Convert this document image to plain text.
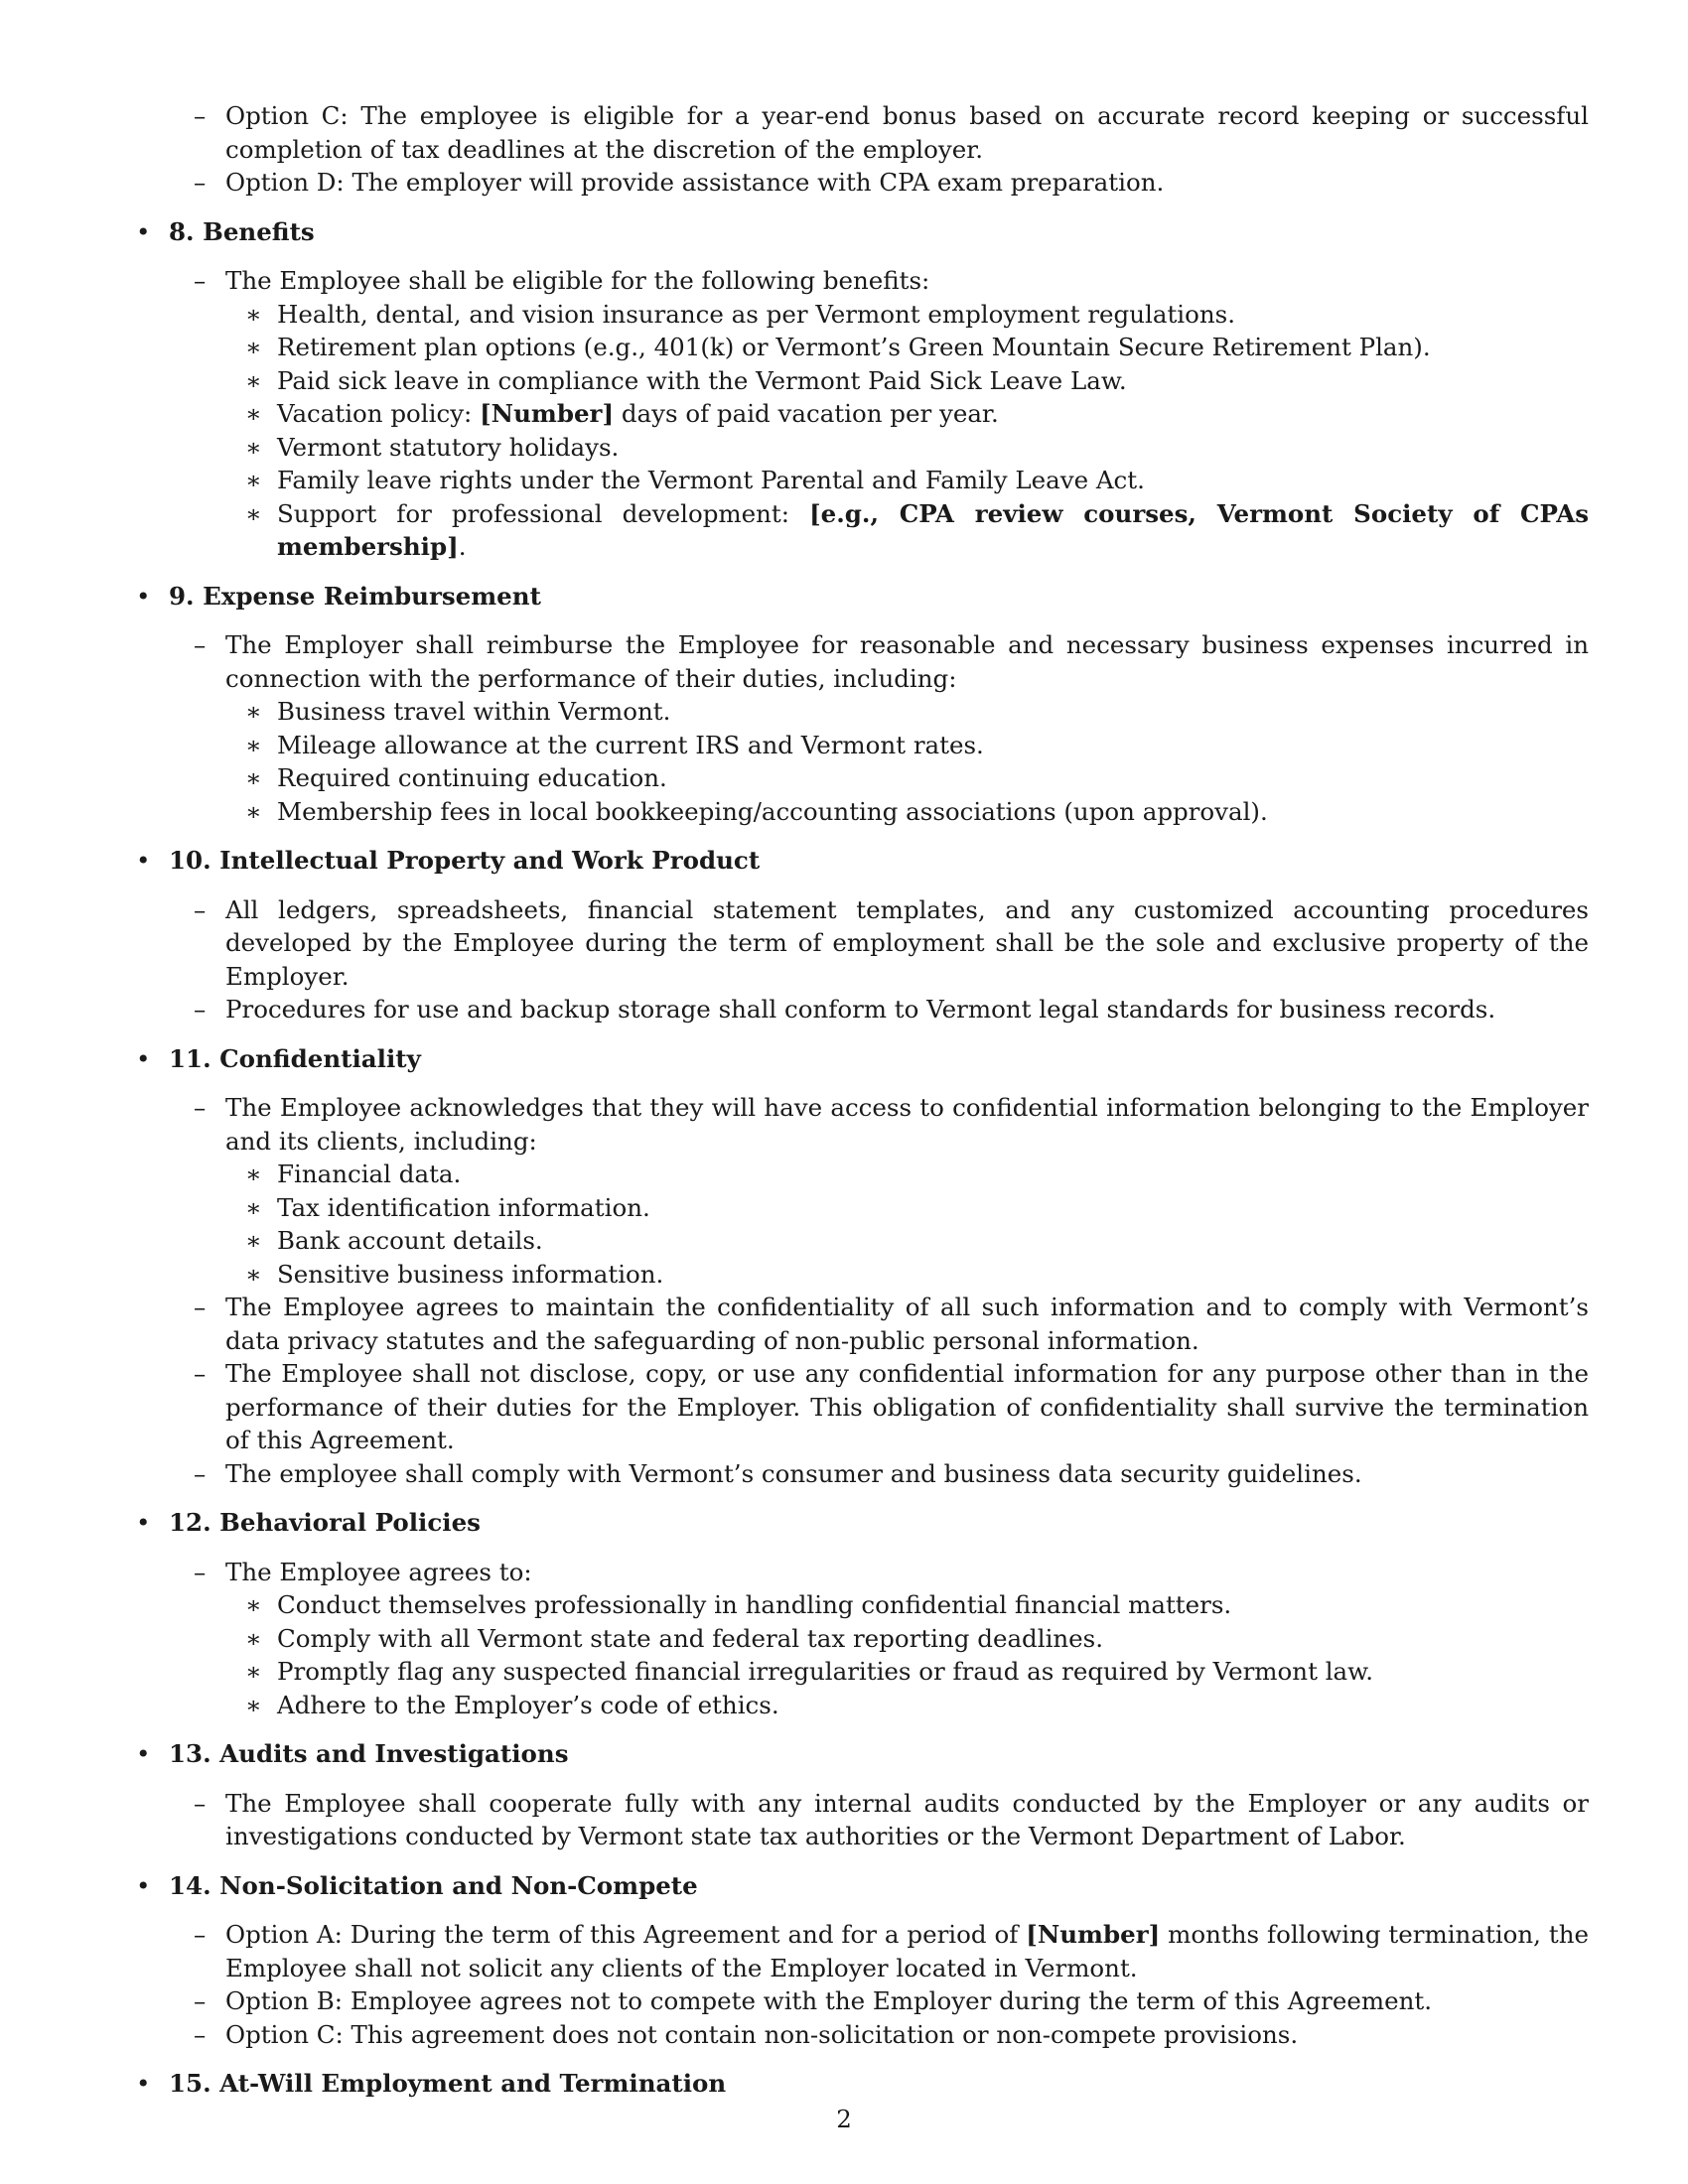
– Option C: The employee is eligible for a year-end bonus based on accurate record keeping or successful completion of tax deadlines at the discretion of the employer.

– Option D: The employer will provide assistance with CPA exam preparation.

• 8. Benefits
– The Employee shall be eligible for the following benefits:

∗ Health, dental, and vision insurance as per Vermont employment regulations.

∗ Retirement plan options (e.g., 401(k) or Vermont’s Green Mountain Secure Retirement Plan).

∗ Paid sick leave in compliance with the Vermont Paid Sick Leave Law.

∗ Vacation policy: [Number] days of paid vacation per year.

∗ Vermont statutory holidays.

∗ Family leave rights under the Vermont Parental and Family Leave Act.

∗ Support for professional development: [e.g., CPA review courses, Vermont Society of CPAs membership].

• 9. Expense Reimbursement
– The Employer shall reimburse the Employee for reasonable and necessary business expenses incurred in connection with the performance of their duties, including:

∗ Business travel within Vermont.

∗ Mileage allowance at the current IRS and Vermont rates.

∗ Required continuing education.

∗ Membership fees in local bookkeeping/accounting associations (upon approval).

• 10. Intellectual Property and Work Product
– All ledgers, spreadsheets, financial statement templates, and any customized accounting procedures developed by the Employee during the term of employment shall be the sole and exclusive property of the Employer.

– Procedures for use and backup storage shall conform to Vermont legal standards for business records.

• 11. Confidentiality
– The Employee acknowledges that they will have access to confidential information belonging to the Employer and its clients, including:

∗ Financial data.

∗ Tax identification information.

∗ Bank account details.

∗ Sensitive business information.

– The Employee agrees to maintain the confidentiality of all such information and to comply with Vermont’s data privacy statutes and the safeguarding of non-public personal information.

– The Employee shall not disclose, copy, or use any confidential information for any purpose other than in the performance of their duties for the Employer. This obligation of confidentiality shall survive the termination of this Agreement.

– The employee shall comply with Vermont’s consumer and business data security guidelines.

• 12. Behavioral Policies
– The Employee agrees to:

∗ Conduct themselves professionally in handling confidential financial matters.

∗ Comply with all Vermont state and federal tax reporting deadlines.

∗ Promptly flag any suspected financial irregularities or fraud as required by Vermont law.

∗ Adhere to the Employer’s code of ethics.

• 13. Audits and Investigations
– The Employee shall cooperate fully with any internal audits conducted by the Employer or any audits or investigations conducted by Vermont state tax authorities or the Vermont Department of Labor.

• 14. Non-Solicitation and Non-Compete
– Option A: During the term of this Agreement and for a period of [Number] months following termination, the Employee shall not solicit any clients of the Employer located in Vermont.

– Option B: Employee agrees not to compete with the Employer during the term of this Agreement.

– Option C: This agreement does not contain non-solicitation or non-compete provisions.

• 15. At-Will Employment and Termination
2
